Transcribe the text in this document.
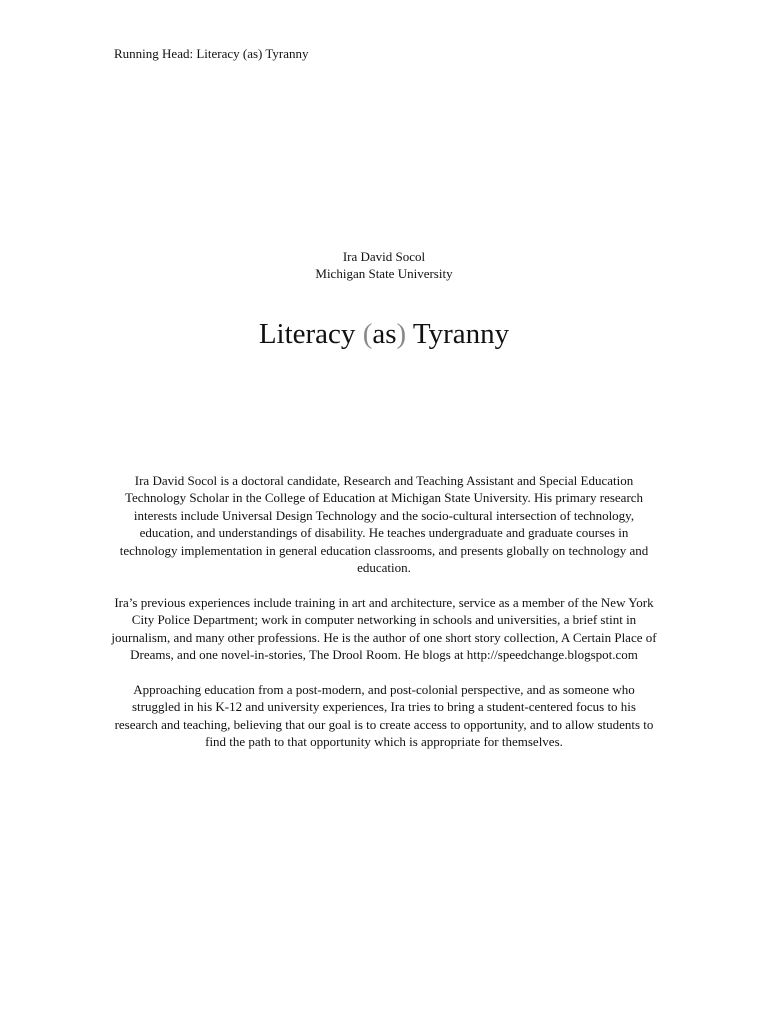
Running Head: Literacy (as) Tyranny
Ira David Socol
Michigan State University
Literacy (as) Tyranny

Ira David Socol is a doctoral candidate, Research and Teaching Assistant and Special Education Technology Scholar in the College of Education at Michigan State University. His primary research interests include Universal Design Technology and the socio-cultural intersection of technology, education, and understandings of disability. He teaches undergraduate and graduate courses in technology implementation in general education classrooms, and presents globally on technology and education.

Ira’s previous experiences include training in art and architecture, service as a member of the New York City Police Department; work in computer networking in schools and universities, a brief stint in journalism, and many other professions. He is the author of one short story collection, A Certain Place of Dreams, and one novel-in-stories, The Drool Room. He blogs at http://speedchange.blogspot.com

Approaching education from a post-modern, and post-colonial perspective, and as someone who struggled in his K-12 and university experiences, Ira tries to bring a student-centered focus to his research and teaching, believing that our goal is to create access to opportunity, and to allow students to find the path to that opportunity which is appropriate for themselves.
